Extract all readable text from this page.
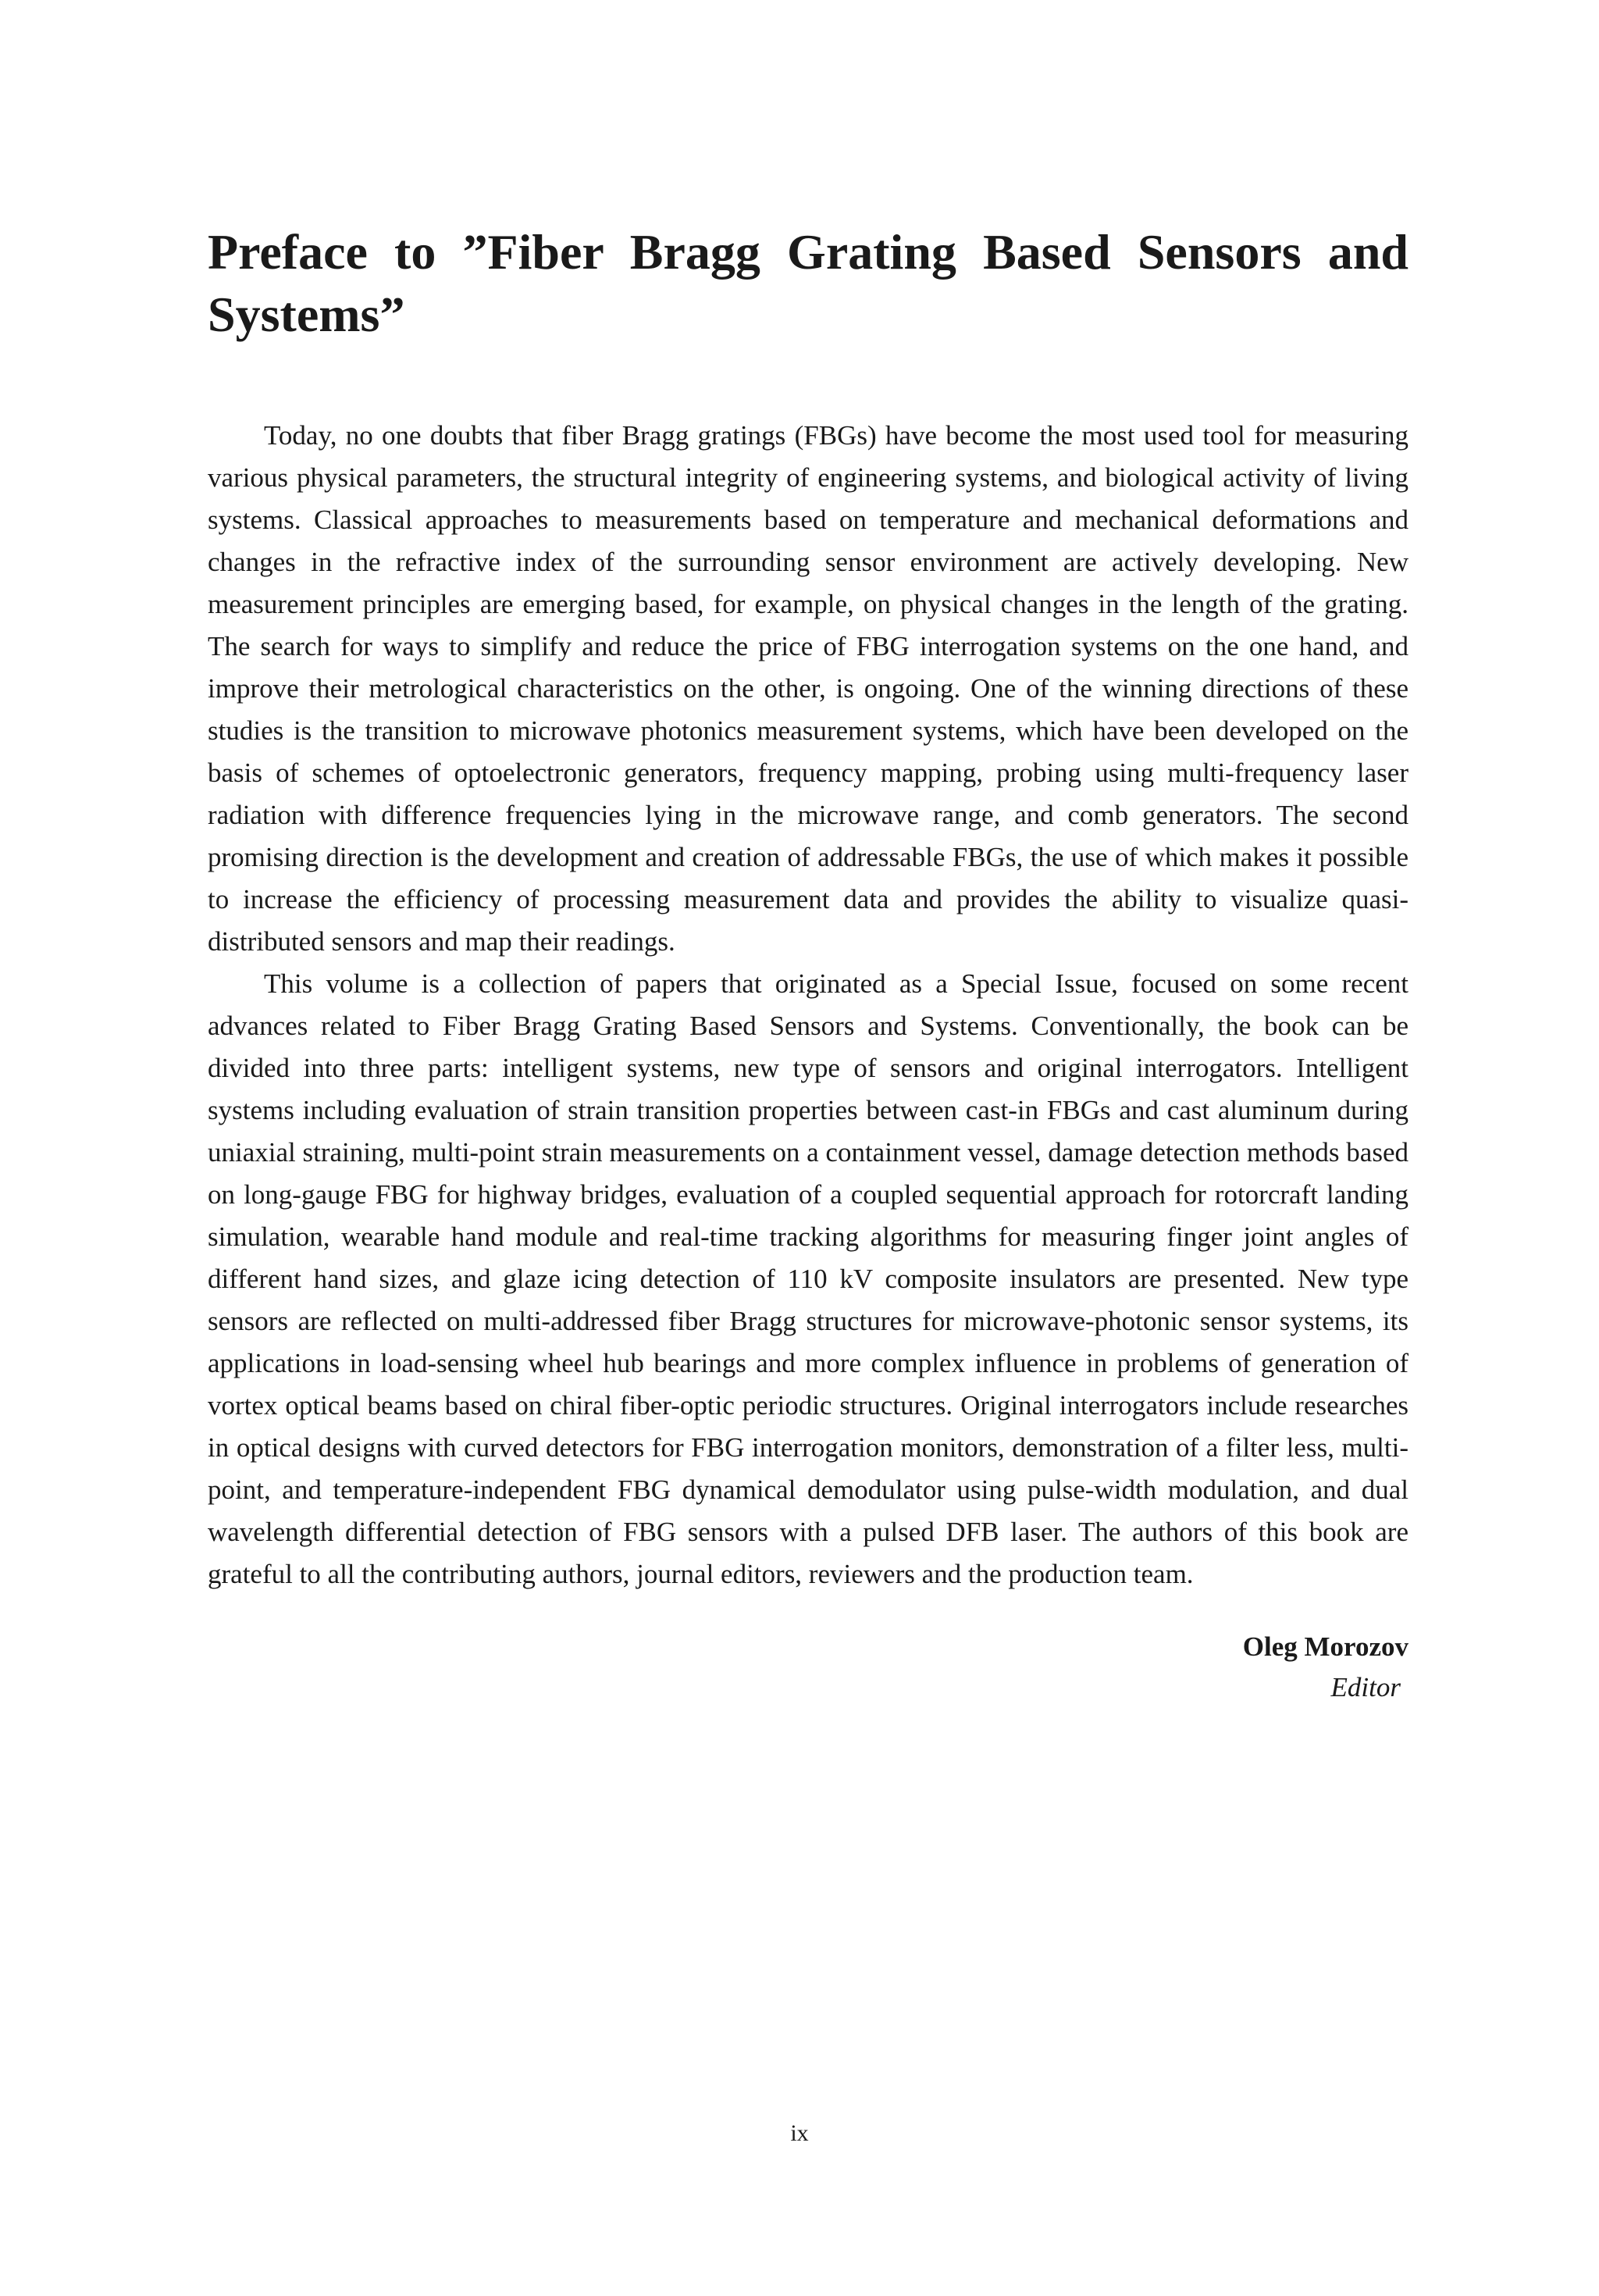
Preface to ”Fiber Bragg Grating Based Sensors and Systems”

Today, no one doubts that fiber Bragg gratings (FBGs) have become the most used tool for measuring various physical parameters, the structural integrity of engineering systems, and biological activity of living systems. Classical approaches to measurements based on temperature and mechanical deformations and changes in the refractive index of the surrounding sensor environment are actively developing. New measurement principles are emerging based, for example, on physical changes in the length of the grating. The search for ways to simplify and reduce the price of FBG interrogation systems on the one hand, and improve their metrological characteristics on the other, is ongoing. One of the winning directions of these studies is the transition to microwave photonics measurement systems, which have been developed on the basis of schemes of optoelectronic generators, frequency mapping, probing using multi-frequency laser radiation with difference frequencies lying in the microwave range, and comb generators. The second promising direction is the development and creation of addressable FBGs, the use of which makes it possible to increase the efficiency of processing measurement data and provides the ability to visualize quasi-distributed sensors and map their readings.

This volume is a collection of papers that originated as a Special Issue, focused on some recent advances related to Fiber Bragg Grating Based Sensors and Systems. Conventionally, the book can be divided into three parts: intelligent systems, new type of sensors and original interrogators. Intelligent systems including evaluation of strain transition properties between cast-in FBGs and cast aluminum during uniaxial straining, multi-point strain measurements on a containment vessel, damage detection methods based on long-gauge FBG for highway bridges, evaluation of a coupled sequential approach for rotorcraft landing simulation, wearable hand module and real-time tracking algorithms for measuring finger joint angles of different hand sizes, and glaze icing detection of 110 kV composite insulators are presented. New type sensors are reflected on multi-addressed fiber Bragg structures for microwave-photonic sensor systems, its applications in load-sensing wheel hub bearings and more complex influence in problems of generation of vortex optical beams based on chiral fiber-optic periodic structures. Original interrogators include researches in optical designs with curved detectors for FBG interrogation monitors, demonstration of a filter less, multi-point, and temperature-independent FBG dynamical demodulator using pulse-width modulation, and dual wavelength differential detection of FBG sensors with a pulsed DFB laser. The authors of this book are grateful to all the contributing authors, journal editors, reviewers and the production team.

Oleg Morozov
Editor
ix
